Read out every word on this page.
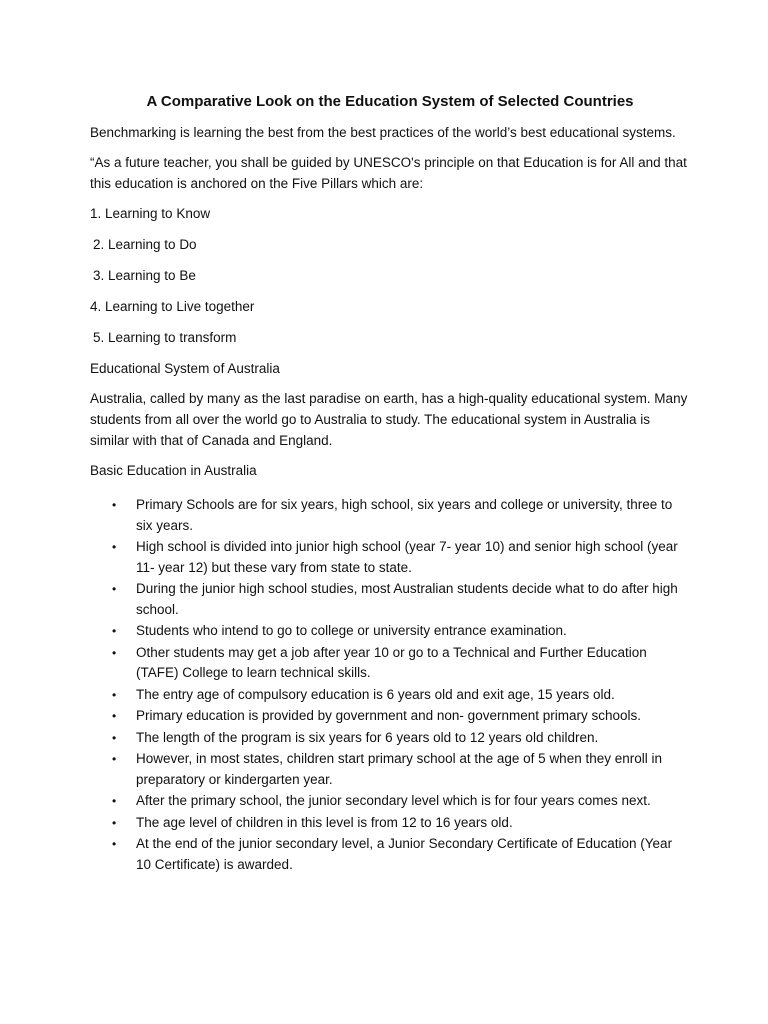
A Comparative Look on the Education System of Selected Countries
Benchmarking is learning the best from the best practices of the world’s best educational systems.
“As a future teacher, you shall be guided by UNESCO's principle on that Education is for All and that this education is anchored on the Five Pillars which are:
1. Learning to Know
2. Learning to Do
3. Learning to Be
4. Learning to Live together
5. Learning to transform
Educational System of Australia
Australia, called by many as the last paradise on earth, has a high-quality educational system. Many students from all over the world go to Australia to study. The educational system in Australia is similar with that of Canada and England.
Basic Education in Australia
• Primary Schools are for six years, high school, six years and college or university, three to six years.
• High school is divided into junior high school (year 7- year 10) and senior high school (year 11- year 12) but these vary from state to state.
• During the junior high school studies, most Australian students decide what to do after high school.
• Students who intend to go to college or university entrance examination.
• Other students may get a job after year 10 or go to a Technical and Further Education (TAFE) College to learn technical skills.
• The entry age of compulsory education is 6 years old and exit age, 15 years old.
• Primary education is provided by government and non- government primary schools.
• The length of the program is six years for 6 years old to 12 years old children.
• However, in most states, children start primary school at the age of 5 when they enroll in preparatory or kindergarten year.
• After the primary school, the junior secondary level which is for four years comes next.
• The age level of children in this level is from 12 to 16 years old.
• At the end of the junior secondary level, a Junior Secondary Certificate of Education (Year 10 Certificate) is awarded.
